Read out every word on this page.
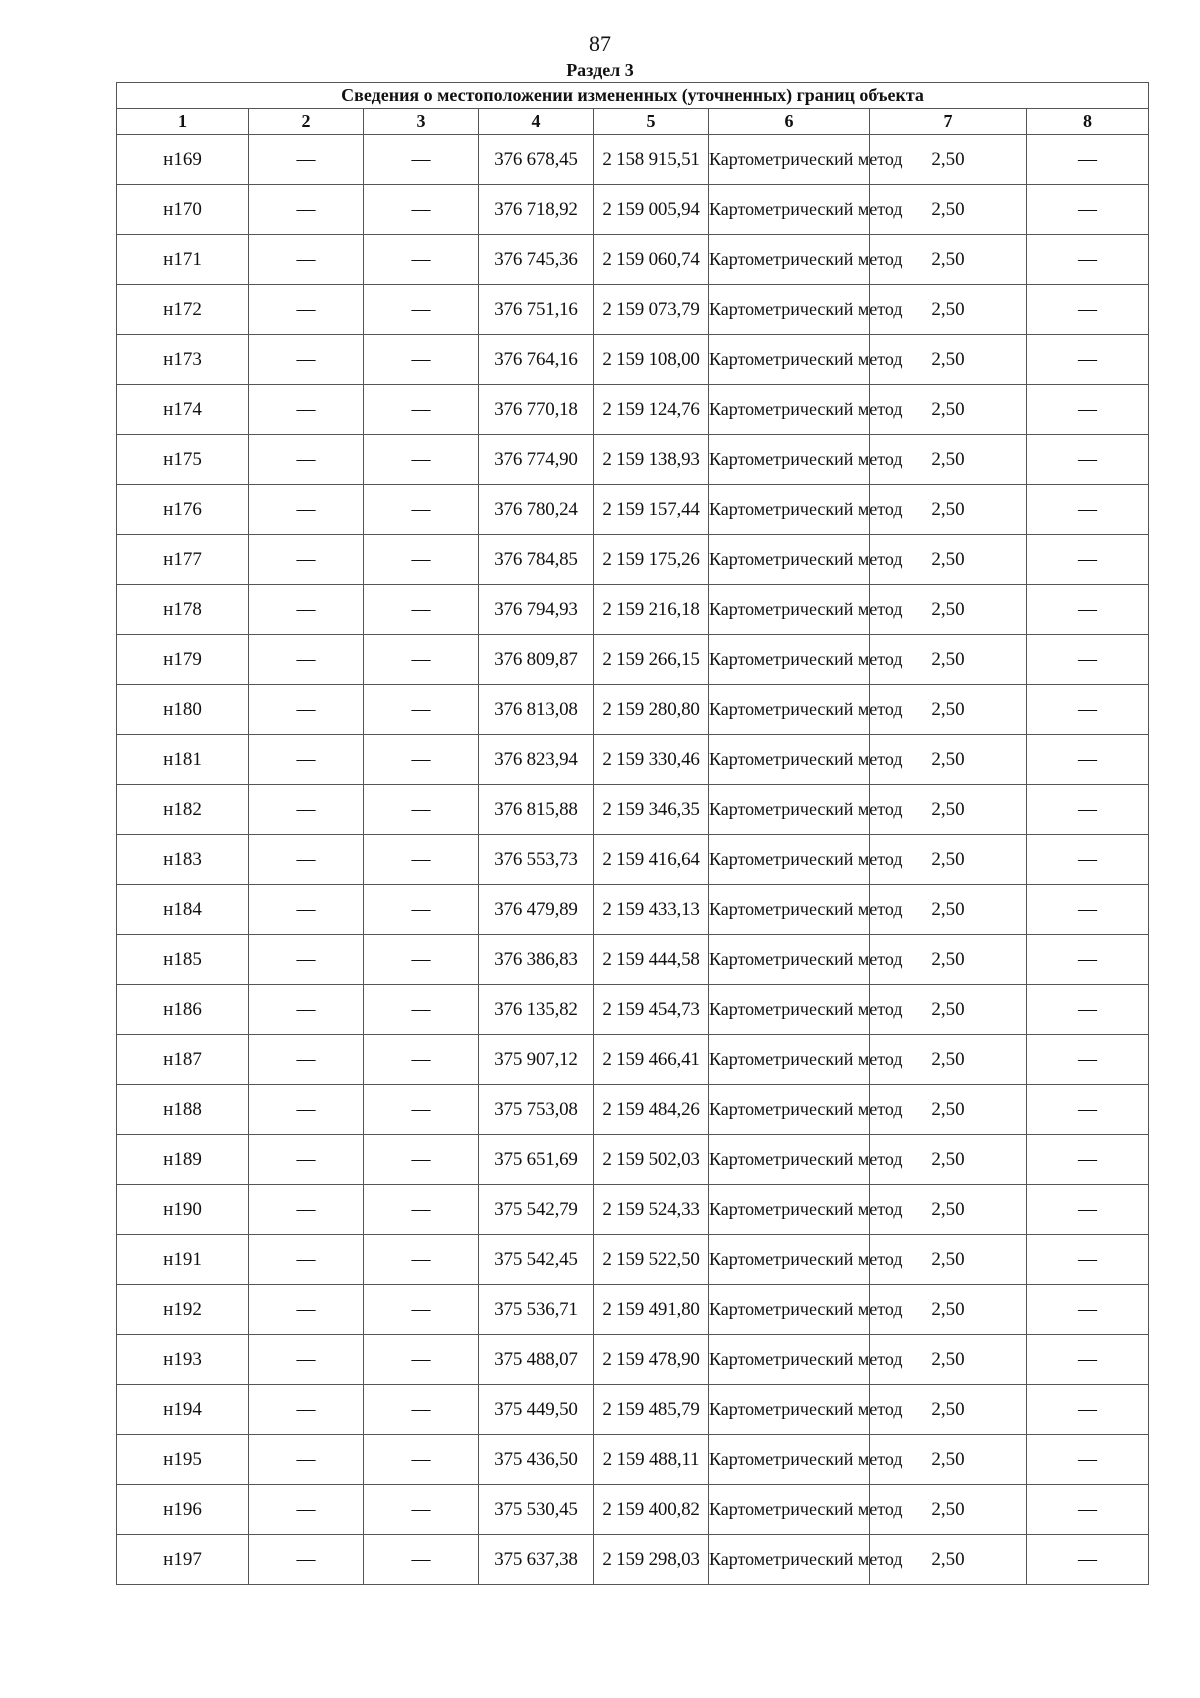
87
Раздел 3
Сведения о местоположении измененных (уточненных) границ объекта							
1	2	3	4	5	6	7	8
н169	—	—	376 678,45	2 158 915,51	Картометрический метод	2,50	—
н170	—	—	376 718,92	2 159 005,94	Картометрический метод	2,50	—
н171	—	—	376 745,36	2 159 060,74	Картометрический метод	2,50	—
н172	—	—	376 751,16	2 159 073,79	Картометрический метод	2,50	—
н173	—	—	376 764,16	2 159 108,00	Картометрический метод	2,50	—
н174	—	—	376 770,18	2 159 124,76	Картометрический метод	2,50	—
н175	—	—	376 774,90	2 159 138,93	Картометрический метод	2,50	—
н176	—	—	376 780,24	2 159 157,44	Картометрический метод	2,50	—
н177	—	—	376 784,85	2 159 175,26	Картометрический метод	2,50	—
н178	—	—	376 794,93	2 159 216,18	Картометрический метод	2,50	—
н179	—	—	376 809,87	2 159 266,15	Картометрический метод	2,50	—
н180	—	—	376 813,08	2 159 280,80	Картометрический метод	2,50	—
н181	—	—	376 823,94	2 159 330,46	Картометрический метод	2,50	—
н182	—	—	376 815,88	2 159 346,35	Картометрический метод	2,50	—
н183	—	—	376 553,73	2 159 416,64	Картометрический метод	2,50	—
н184	—	—	376 479,89	2 159 433,13	Картометрический метод	2,50	—
н185	—	—	376 386,83	2 159 444,58	Картометрический метод	2,50	—
н186	—	—	376 135,82	2 159 454,73	Картометрический метод	2,50	—
н187	—	—	375 907,12	2 159 466,41	Картометрический метод	2,50	—
н188	—	—	375 753,08	2 159 484,26	Картометрический метод	2,50	—
н189	—	—	375 651,69	2 159 502,03	Картометрический метод	2,50	—
н190	—	—	375 542,79	2 159 524,33	Картометрический метод	2,50	—
н191	—	—	375 542,45	2 159 522,50	Картометрический метод	2,50	—
н192	—	—	375 536,71	2 159 491,80	Картометрический метод	2,50	—
н193	—	—	375 488,07	2 159 478,90	Картометрический метод	2,50	—
н194	—	—	375 449,50	2 159 485,79	Картометрический метод	2,50	—
н195	—	—	375 436,50	2 159 488,11	Картометрический метод	2,50	—
н196	—	—	375 530,45	2 159 400,82	Картометрический метод	2,50	—
н197	—	—	375 637,38	2 159 298,03	Картометрический метод	2,50	—
